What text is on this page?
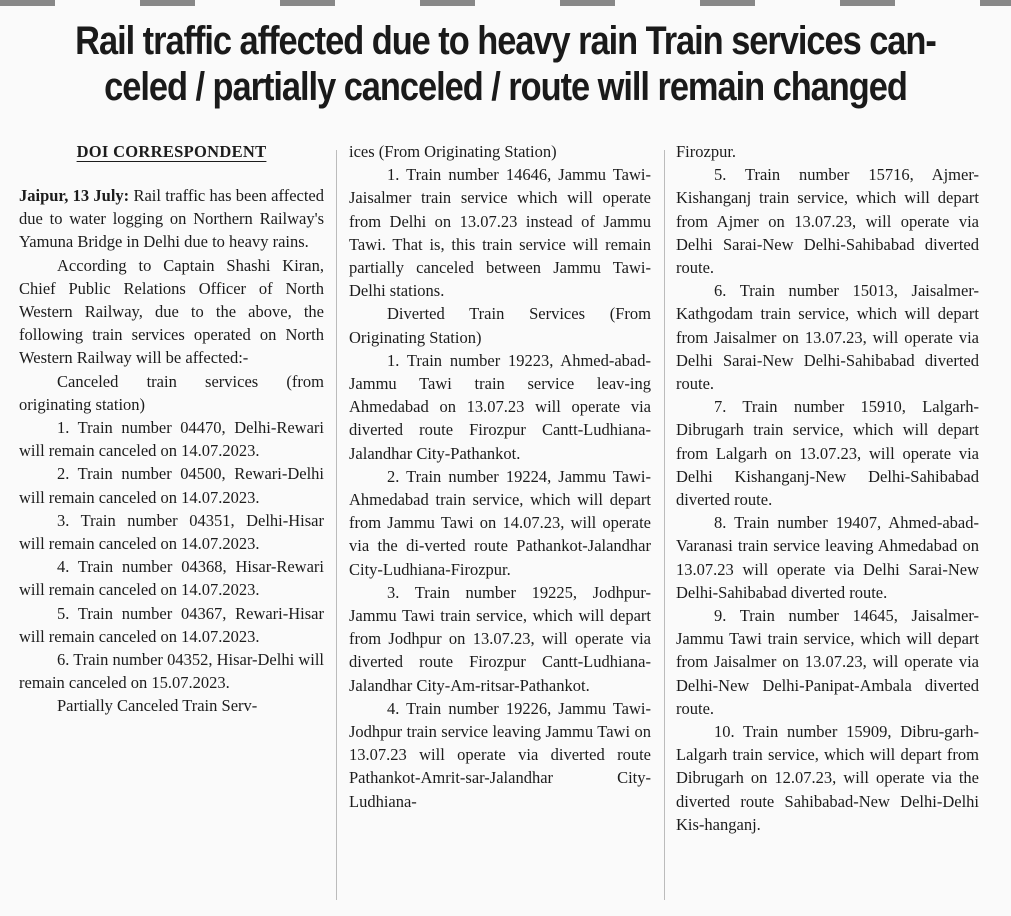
Rail traffic affected due to heavy rain Train services can-
celed / partially canceled / route will remain changed
DOI CORRESPONDENT

Jaipur, 13 July: Rail traffic has been affected due to water logging on Northern Railway's Yamuna Bridge in Delhi due to heavy rains.

According to Captain Shashi Kiran, Chief Public Relations Officer of North Western Railway, due to the above, the following train services operated on North Western Railway will be affected:-

Canceled train services (from originating station)

1. Train number 04470, Delhi-Rewari will remain canceled on 14.07.2023.

2. Train number 04500, Rewari-Delhi will remain canceled on 14.07.2023.

3. Train number 04351, Delhi-Hisar will remain canceled on 14.07.2023.

4. Train number 04368, Hisar-Rewari will remain canceled on 14.07.2023.

5. Train number 04367, Rewari-Hisar will remain canceled on 14.07.2023.

6. Train number 04352, Hisar-Delhi will remain canceled on 15.07.2023.

Partially Canceled Train Serv-

ices (From Originating Station)

1. Train number 14646, Jammu Tawi-Jaisalmer train service which will operate from Delhi on 13.07.23 instead of Jammu Tawi. That is, this train service will remain partially canceled between Jammu Tawi-Delhi stations.

Diverted Train Services (From Originating Station)

1. Train number 19223, Ahmed-abad-Jammu Tawi train service leav-ing Ahmedabad on 13.07.23 will operate via diverted route Firozpur Cantt-Ludhiana-Jalandhar City-Pathankot.

2. Train number 19224, Jammu Tawi-Ahmedabad train service, which will depart from Jammu Tawi on 14.07.23, will operate via the di-verted route Pathankot-Jalandhar City-Ludhiana-Firozpur.

3. Train number 19225, Jodhpur-Jammu Tawi train service, which will depart from Jodhpur on 13.07.23, will operate via diverted route Firozpur Cantt-Ludhiana-Jalandhar City-Am-ritsar-Pathankot.

4. Train number 19226, Jammu Tawi-Jodhpur train service leaving Jammu Tawi on 13.07.23 will operate via diverted route Pathankot-Amrit-sar-Jalandhar City-Ludhiana-

Firozpur.

5. Train number 15716, Ajmer-Kishanganj train service, which will depart from Ajmer on 13.07.23, will operate via Delhi Sarai-New Delhi-Sahibabad diverted route.

6. Train number 15013, Jaisalmer-Kathgodam train service, which will depart from Jaisalmer on 13.07.23, will operate via Delhi Sarai-New Delhi-Sahibabad diverted route.

7. Train number 15910, Lalgarh-Dibrugarh train service, which will depart from Lalgarh on 13.07.23, will operate via Delhi Kishanganj-New Delhi-Sahibabad diverted route.

8. Train number 19407, Ahmed-abad-Varanasi train service leaving Ahmedabad on 13.07.23 will operate via Delhi Sarai-New Delhi-Sahibabad diverted route.

9. Train number 14645, Jaisalmer-Jammu Tawi train service, which will depart from Jaisalmer on 13.07.23, will operate via Delhi-New Delhi-Panipat-Ambala diverted route.

10. Train number 15909, Dibru-garh-Lalgarh train service, which will depart from Dibrugarh on 12.07.23, will operate via the diverted route Sahibabad-New Delhi-Delhi Kis-hanganj.
